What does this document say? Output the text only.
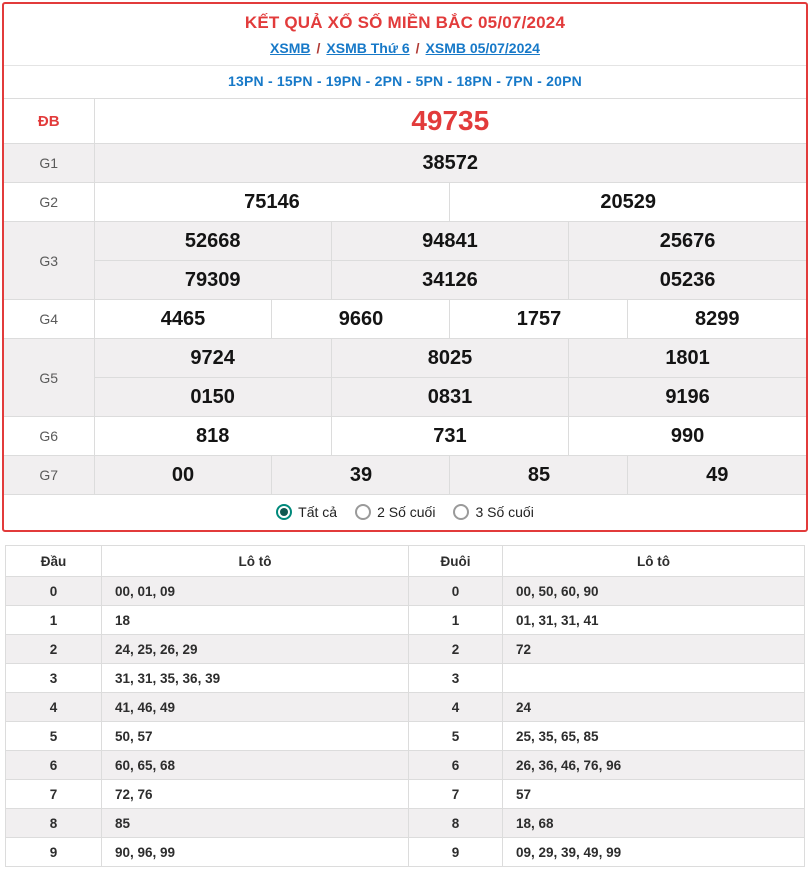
KẾT QUẢ XỔ SỐ MIỀN BẮC 05/07/2024
XSMB / XSMB Thứ 6 / XSMB 05/07/2024
13PN - 15PN - 19PN - 2PN - 5PN - 18PN - 7PN - 20PN
ĐB	49735					
G1	38572					
G2	75146			20529		
G3	52668		94841		25676	
	79309		34126		05236	
G4	4465	9660		1757		8299
G5	9724		8025		1801	
	0150		0831		9196	
G6	818		731		990	
G7	00	39		85		49
Tất cả	2 Số cuối	3 Số cuối
Đầu	Lô tô	Đuôi	Lô tô
0	00, 01, 09	0	00, 50, 60, 90
1	18	1	01, 31, 31, 41
2	24, 25, 26, 29	2	72
3	31, 31, 35, 36, 39	3	
4	41, 46, 49	4	24
5	50, 57	5	25, 35, 65, 85
6	60, 65, 68	6	26, 36, 46, 76, 96
7	72, 76	7	57
8	85	8	18, 68
9	90, 96, 99	9	09, 29, 39, 49, 99
